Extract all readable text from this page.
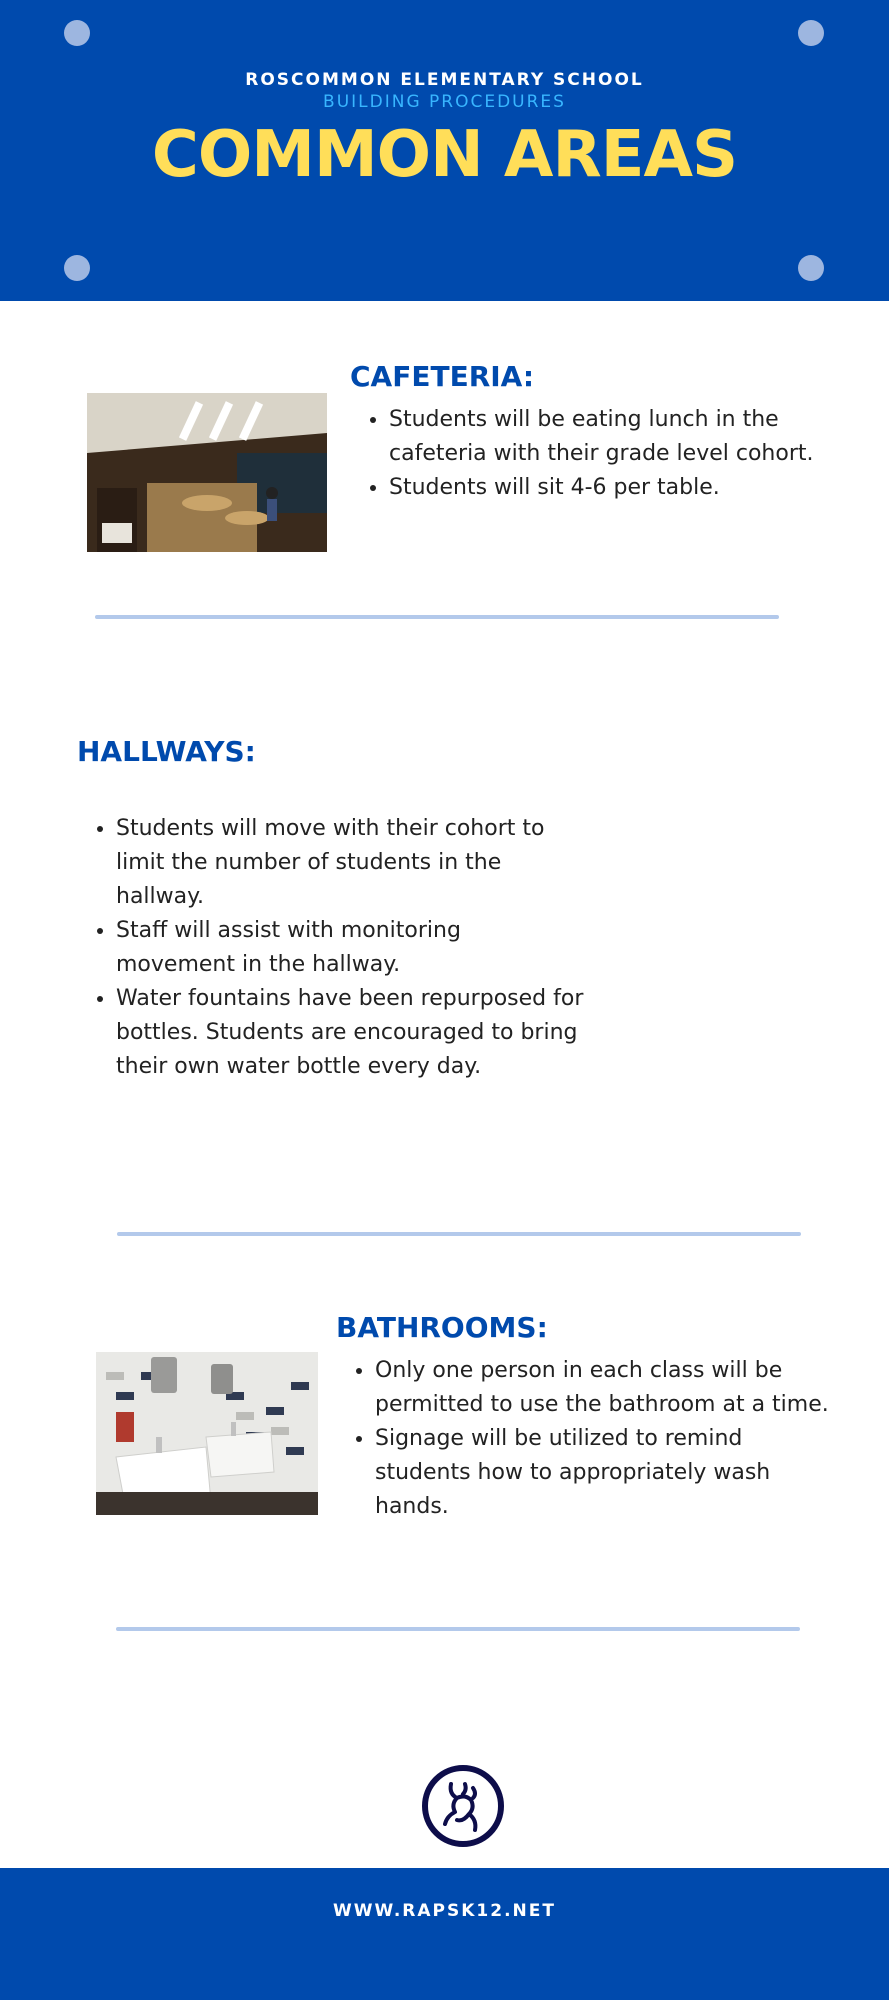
ROSCOMMON ELEMENTARY SCHOOL
BUILDING PROCEDURES
COMMON AREAS
CAFETERIA:
• Students will be eating lunch in the cafeteria with their grade level cohort.
• Students will sit 4-6 per table.
HALLWAYS:
• Students will move with their cohort to limit the number of students in the hallway.
• Staff will assist with monitoring movement in the hallway.
• Water fountains have been repurposed for bottles. Students are encouraged to bring their own water bottle every day.
BATHROOMS:
• Only one person in each class will be permitted to use the bathroom at a time.
• Signage will be utilized to remind students how to appropriately wash hands.
WWW.RAPSK12.NET
